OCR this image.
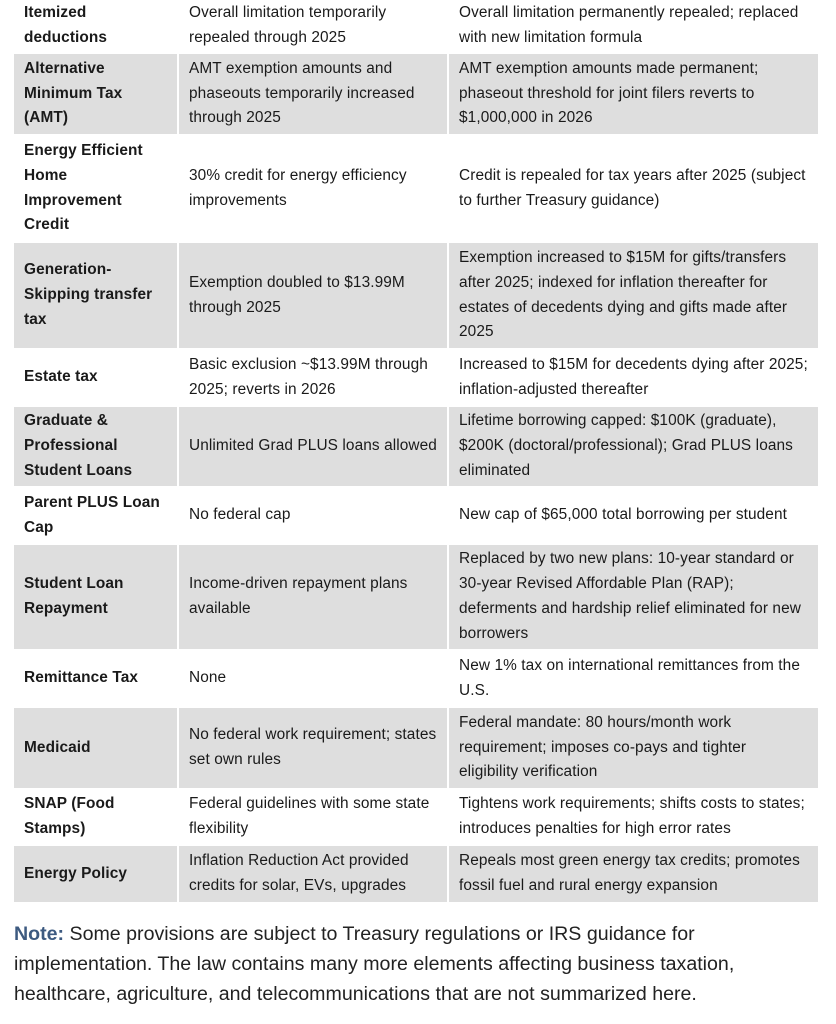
Itemized deductions	Overall limitation temporarily repealed through 2025	Overall limitation permanently repealed; replaced with new limitation formula
Alternative Minimum Tax (AMT)	AMT exemption amounts and phaseouts temporarily increased through 2025	AMT exemption amounts made permanent; phaseout threshold for joint filers reverts to $1,000,000 in 2026
Energy Efficient Home Improvement Credit	30% credit for energy efficiency improvements	Credit is repealed for tax years after 2025 (subject to further Treasury guidance)
Generation-Skipping transfer tax	Exemption doubled to $13.99M through 2025	Exemption increased to $15M for gifts/transfers after 2025; indexed for inflation thereafter for estates of decedents dying and gifts made after 2025
Estate tax	Basic exclusion ~$13.99M through 2025; reverts in 2026	Increased to $15M for decedents dying after 2025; inflation-adjusted thereafter
Graduate & Professional Student Loans	Unlimited Grad PLUS loans allowed	Lifetime borrowing capped: $100K (graduate), $200K (doctoral/professional); Grad PLUS loans eliminated
Parent PLUS Loan Cap	No federal cap	New cap of $65,000 total borrowing per student
Student Loan Repayment	Income-driven repayment plans available	Replaced by two new plans: 10-year standard or 30-year Revised Affordable Plan (RAP); deferments and hardship relief eliminated for new borrowers
Remittance Tax	None	New 1% tax on international remittances from the U.S.
Medicaid	No federal work requirement; states set own rules	Federal mandate: 80 hours/month work requirement; imposes co-pays and tighter eligibility verification
SNAP (Food Stamps)	Federal guidelines with some state flexibility	Tightens work requirements; shifts costs to states; introduces penalties for high error rates
Energy Policy	Inflation Reduction Act provided credits for solar, EVs, upgrades	Repeals most green energy tax credits; promotes fossil fuel and rural energy expansion
Note: Some provisions are subject to Treasury regulations or IRS guidance for implementation. The law contains many more elements affecting business taxation, healthcare, agriculture, and telecommunications that are not summarized here.
